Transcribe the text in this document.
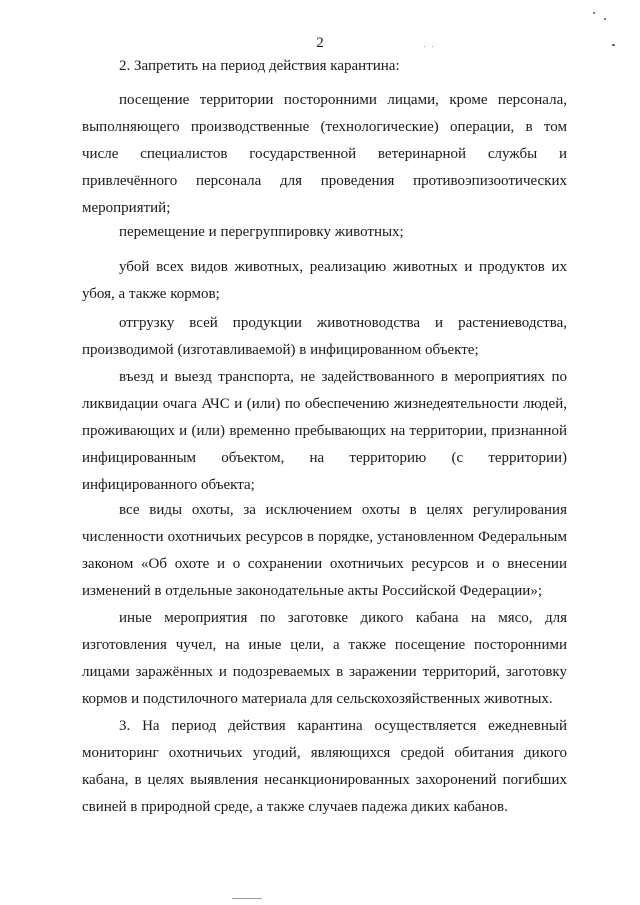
2
2. Запретить на период действия карантина:
посещение территории посторонними лицами, кроме персонала,
выполняющего производственные (технологические) операции, в том
числе специалистов государственной ветеринарной службы и
привлечённого персонала для проведения противоэпизоотических
мероприятий;
перемещение и перегруппировку животных;
убой всех видов животных, реализацию животных и продуктов их
убоя, а также кормов;
отгрузку всей продукции животноводства и растениеводства,
производимой (изготавливаемой) в инфицированном объекте;
въезд и выезд транспорта, не задействованного в мероприятиях по
ликвидации очага АЧС и (или) по обеспечению жизнедеятельности людей,
проживающих и (или) временно пребывающих на территории, признанной
инфицированным объектом, на территорию (с территории)
инфицированного объекта;
все виды охоты, за исключением охоты в целях регулирования
численности охотничьих ресурсов в порядке, установленном Федеральным
законом «Об охоте и о сохранении охотничьих ресурсов и о внесении
изменений в отдельные законодательные акты Российской Федерации»;
иные мероприятия по заготовке дикого кабана на мясо, для
изготовления чучел, на иные цели, а также посещение посторонними
лицами заражённых и подозреваемых в заражении территорий, заготовку
кормов и подстилочного материала для сельскохозяйственных животных.
3. На период действия карантина осуществляется ежедневный
мониторинг охотничьих угодий, являющихся средой обитания дикого
кабана, в целях выявления несанкционированных захоронений погибших
свиней в природной среде, а также случаев падежа диких кабанов.
